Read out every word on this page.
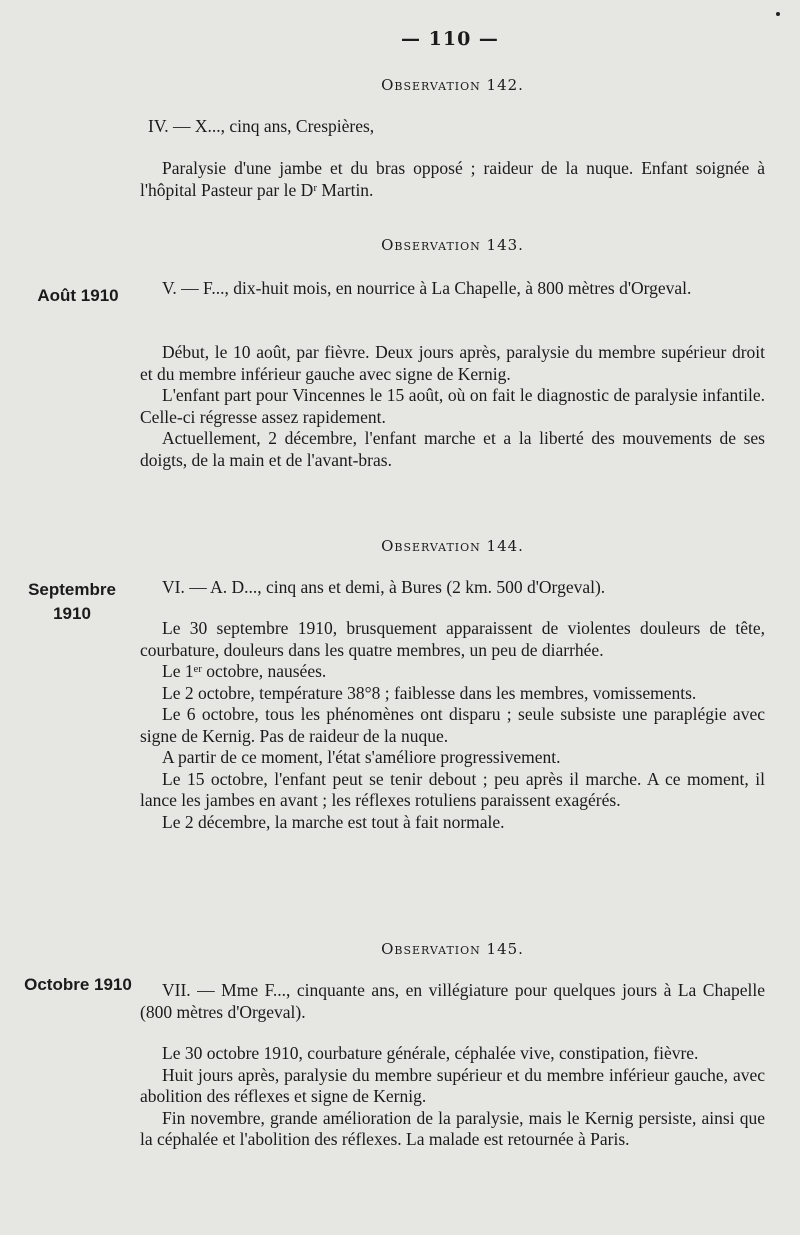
— 110 —
Observation 142.
IV. — X..., cinq ans, Crespières,

Paralysie d'une jambe et du bras opposé ; raideur de la nuque. Enfant soignée à l'hôpital Pasteur par le Dʳ Martin.

Observation 143.
Août 1910	V. — F..., dix-huit mois, en nourrice à La Chapelle, à 800 mètres d'Orgeval.

Début, le 10 août, par fièvre. Deux jours après, paralysie du membre supérieur droit et du membre inférieur gauche avec signe de Kernig.

L'enfant part pour Vincennes le 15 août, où on fait le diagnostic de paralysie infantile. Celle-ci régresse assez rapidement.

Actuellement, 2 décembre, l'enfant marche et a la liberté des mouvements de ses doigts, de la main et de l'avant-bras.

Observation 144.
Septembre 1910
VI. — A. D..., cinq ans et demi, à Bures (2 km. 500 d'Orgeval).

Le 30 septembre 1910, brusquement apparaissent de violentes douleurs de tête, courbature, douleurs dans les quatre membres, un peu de diarrhée.

Le 1ᵉʳ octobre, nausées.

Le 2 octobre, température 38°8 ; faiblesse dans les membres, vomissements.

Le 6 octobre, tous les phénomènes ont disparu ; seule subsiste une paraplégie avec signe de Kernig. Pas de raideur de la nuque.

A partir de ce moment, l'état s'améliore progressivement.

Le 15 octobre, l'enfant peut se tenir debout ; peu après il marche. A ce moment, il lance les jambes en avant ; les réflexes rotuliens paraissent exagérés.

Le 2 décembre, la marche est tout à fait normale.

Observation 145.
Octobre 1910	VII. — Mme F..., cinquante ans, en villégiature pour quelques jours à La Chapelle (800 mètres d'Orgeval).

Le 30 octobre 1910, courbature générale, céphalée vive, constipation, fièvre.

Huit jours après, paralysie du membre supérieur et du membre inférieur gauche, avec abolition des réflexes et signe de Kernig.

Fin novembre, grande amélioration de la paralysie, mais le Kernig persiste, ainsi que la céphalée et l'abolition des réflexes. La malade est retournée à Paris.
